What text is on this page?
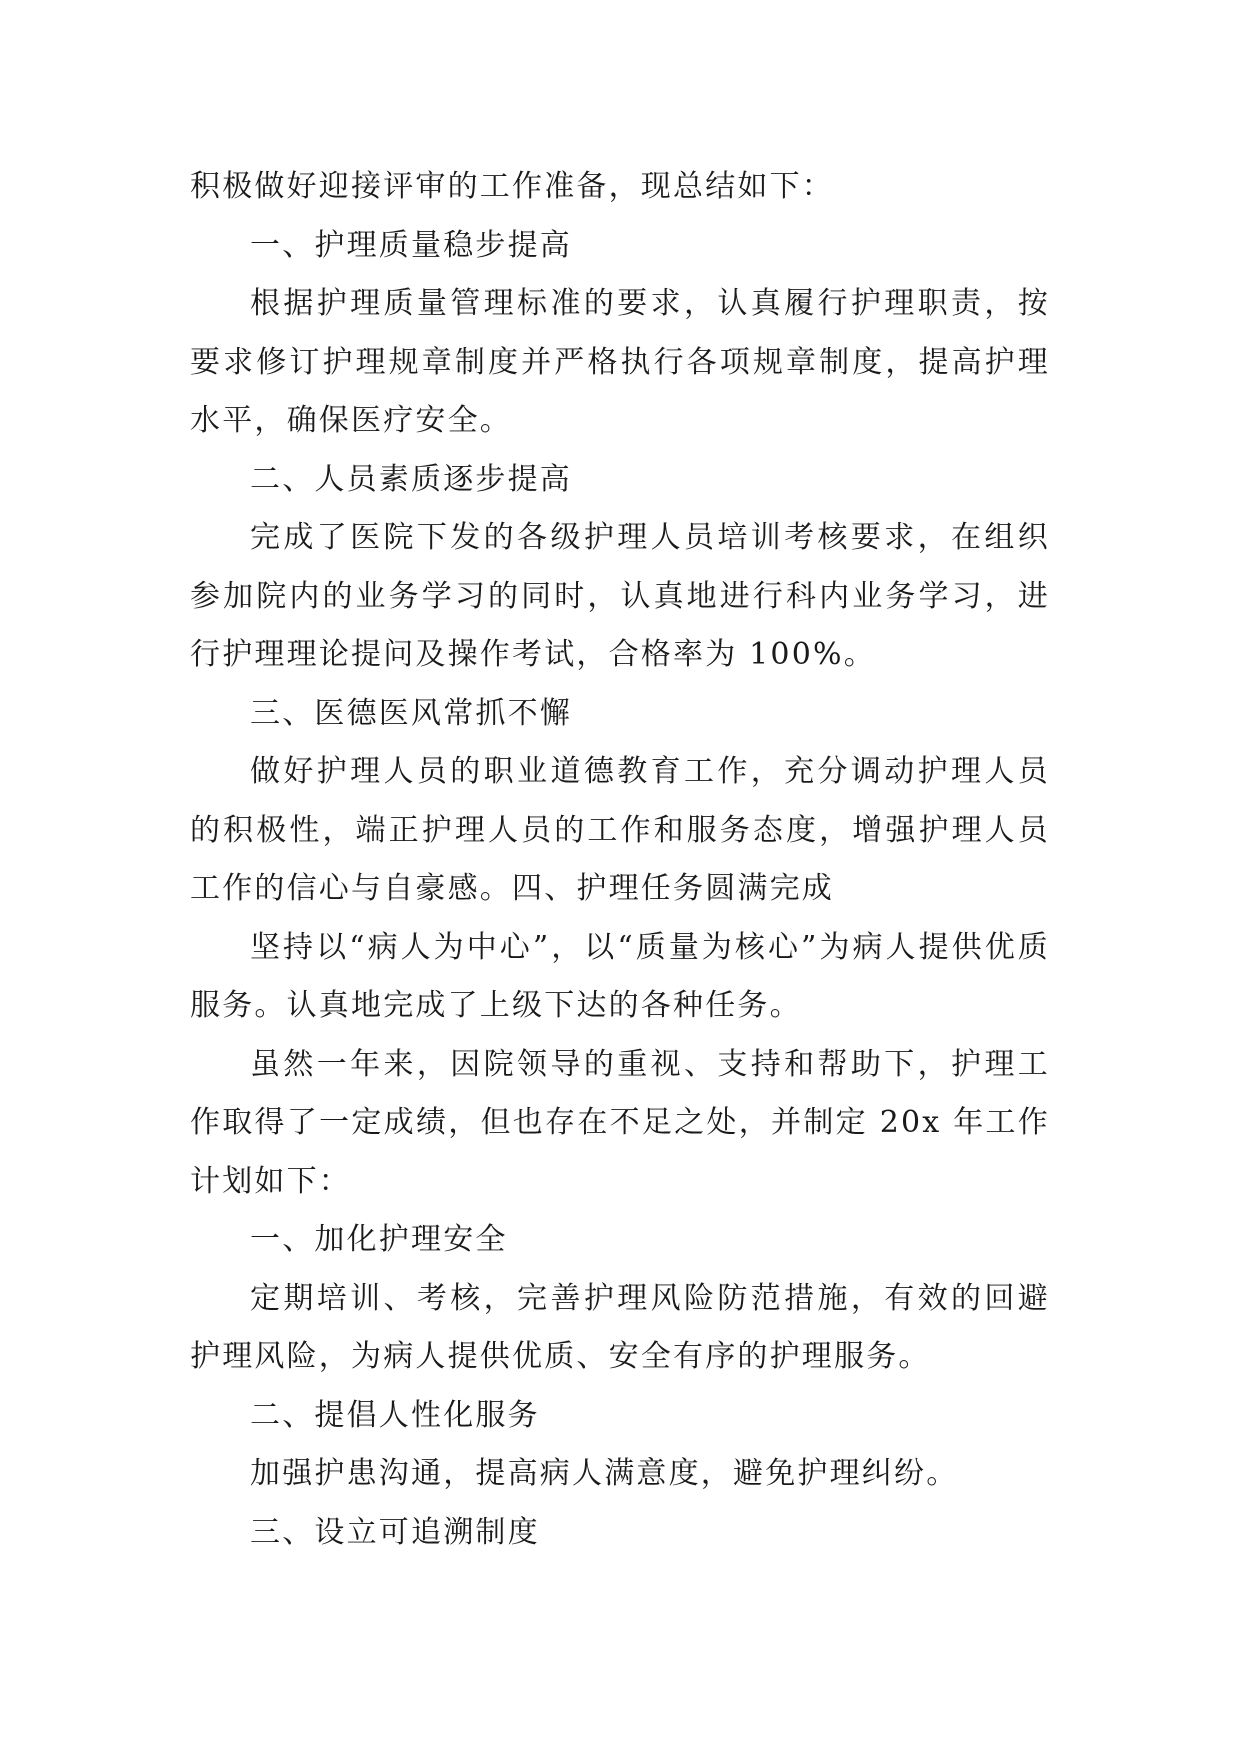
积极做好迎接评审的工作准备，现总结如下：

一、护理质量稳步提高

根据护理质量管理标准的要求，认真履行护理职责，按要求修订护理规章制度并严格执行各项规章制度，提高护理水平，确保医疗安全。

二、人员素质逐步提高

完成了医院下发的各级护理人员培训考核要求，在组织参加院内的业务学习的同时，认真地进行科内业务学习，进行护理理论提问及操作考试，合格率为 100%。

三、医德医风常抓不懈

做好护理人员的职业道德教育工作，充分调动护理人员的积极性，端正护理人员的工作和服务态度，增强护理人员工作的信心与自豪感。四、护理任务圆满完成

坚持以“病人为中心”，以“质量为核心”为病人提供优质服务。认真地完成了上级下达的各种任务。

虽然一年来，因院领导的重视、支持和帮助下，护理工作取得了一定成绩，但也存在不足之处，并制定 20x 年工作计划如下：

一、加化护理安全

定期培训、考核，完善护理风险防范措施，有效的回避护理风险，为病人提供优质、安全有序的护理服务。

二、提倡人性化服务

加强护患沟通，提高病人满意度，避免护理纠纷。

三、设立可追溯制度
